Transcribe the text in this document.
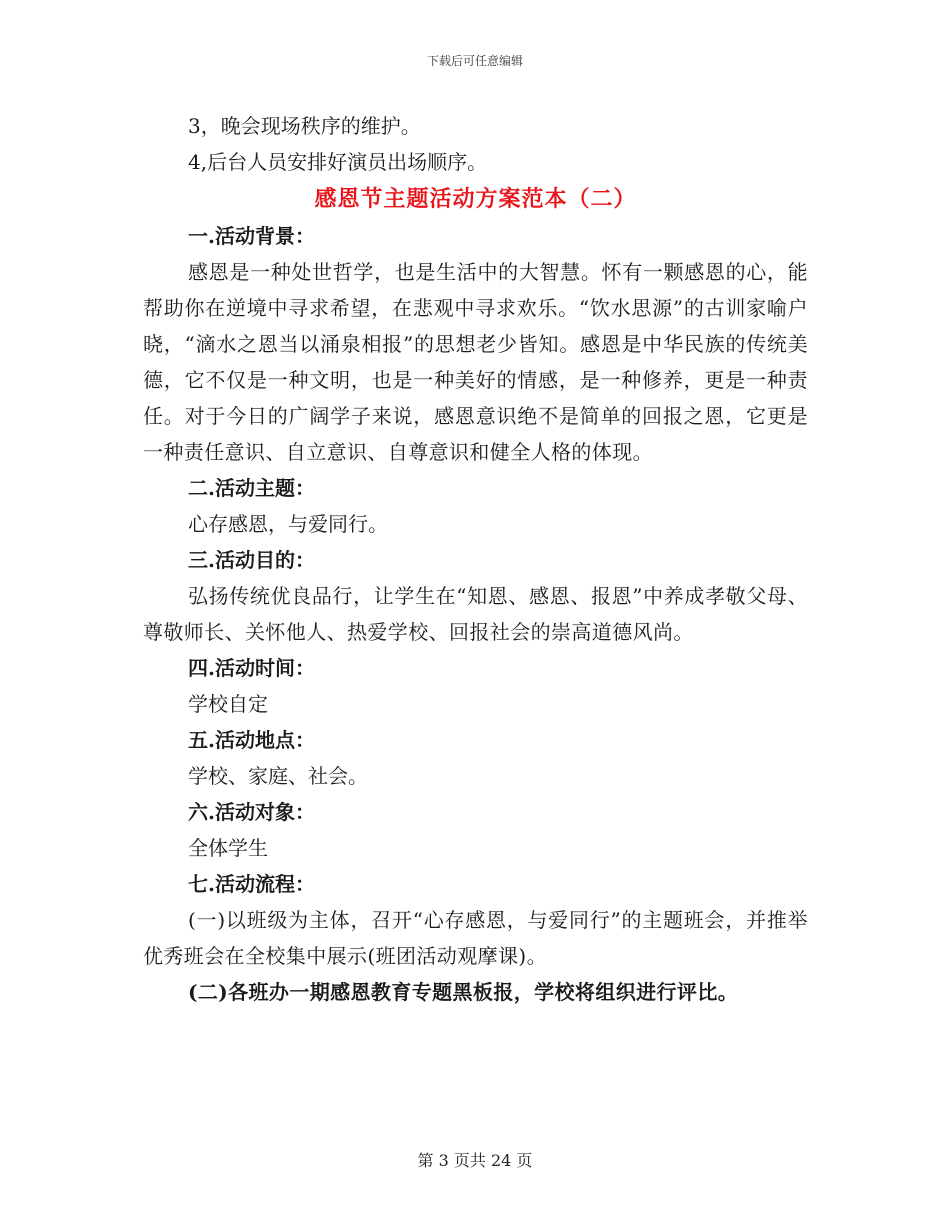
下载后可任意编辑
3，晚会现场秩序的维护。
4,后台人员安排好演员出场顺序。
感恩节主题活动方案范本（二）
一.活动背景：
感恩是一种处世哲学，也是生活中的大智慧。怀有一颗感恩的心，能帮助你在逆境中寻求希望，在悲观中寻求欢乐。“饮水思源”的古训家喻户晓，“滴水之恩当以涌泉相报”的思想老少皆知。感恩是中华民族的传统美德，它不仅是一种文明，也是一种美好的情感，是一种修养，更是一种责任。对于今日的广阔学子来说，感恩意识绝不是简单的回报之恩，它更是一种责任意识、自立意识、自尊意识和健全人格的体现。
二.活动主题：
心存感恩，与爱同行。
三.活动目的：
弘扬传统优良品行，让学生在“知恩、感恩、报恩”中养成孝敬父母、尊敬师长、关怀他人、热爱学校、回报社会的崇高道德风尚。
四.活动时间：
学校自定
五.活动地点：
学校、家庭、社会。
六.活动对象：
全体学生
七.活动流程：
(一)以班级为主体，召开“心存感恩，与爱同行”的主题班会，并推举优秀班会在全校集中展示(班团活动观摩课)。
(二)各班办一期感恩教育专题黑板报，学校将组织进行评比。
第 3 页共 24 页
